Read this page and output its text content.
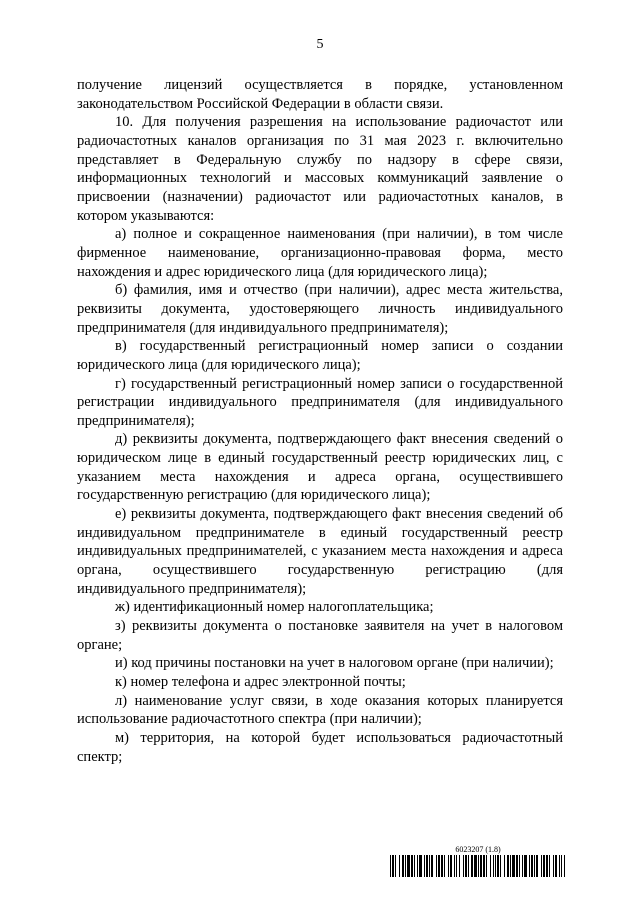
5

получение лицензий осуществляется в порядке, установленном законодательством Российской Федерации в области связи.

10. Для получения разрешения на использование радиочастот или радиочастотных каналов организация по 31 мая 2023 г. включительно представляет в Федеральную службу по надзору в сфере связи, информационных технологий и массовых коммуникаций заявление о присвоении (назначении) радиочастот или радиочастотных каналов, в котором указываются:

а) полное и сокращенное наименования (при наличии), в том числе фирменное наименование, организационно-правовая форма, место нахождения и адрес юридического лица (для юридического лица);

б) фамилия, имя и отчество (при наличии), адрес места жительства, реквизиты документа, удостоверяющего личность индивидуального предпринимателя (для индивидуального предпринимателя);

в) государственный регистрационный номер записи о создании юридического лица (для юридического лица);

г) государственный регистрационный номер записи о государственной регистрации индивидуального предпринимателя (для индивидуального предпринимателя);

д) реквизиты документа, подтверждающего факт внесения сведений о юридическом лице в единый государственный реестр юридических лиц, с указанием места нахождения и адреса органа, осуществившего государственную регистрацию (для юридического лица);

е) реквизиты документа, подтверждающего факт внесения сведений об индивидуальном предпринимателе в единый государственный реестр индивидуальных предпринимателей, с указанием места нахождения и адреса органа, осуществившего государственную регистрацию (для индивидуального предпринимателя);

ж) идентификационный номер налогоплательщика;

з) реквизиты документа о постановке заявителя на учет в налоговом органе;

и) код причины постановки на учет в налоговом органе (при наличии);

к) номер телефона и адрес электронной почты;

л) наименование услуг связи, в ходе оказания которых планируется использование радиочастотного спектра (при наличии);

м) территория, на которой будет использоваться радиочастотный спектр;

6023207 (1.8)
